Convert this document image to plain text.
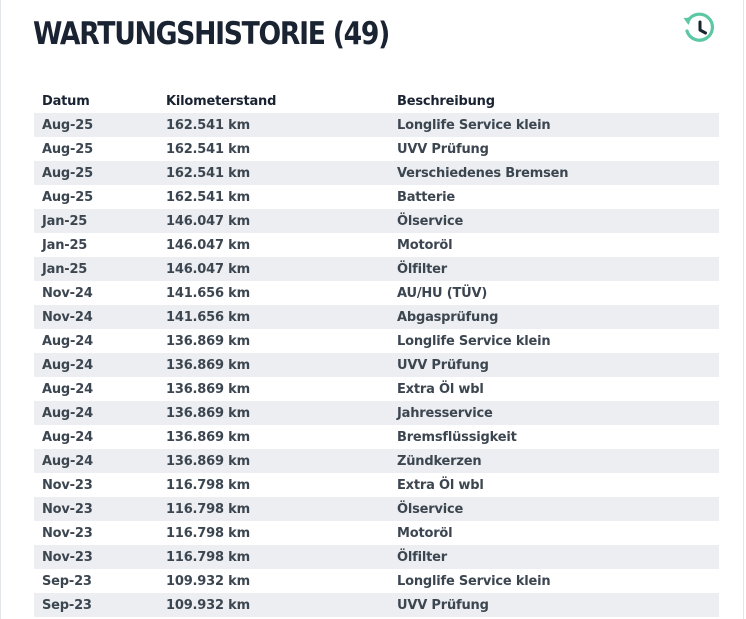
WARTUNGSHISTORIE (49)
Datum	Kilometerstand	Beschreibung
Aug-25	162.541 km	Longlife Service klein
Aug-25	162.541 km	UVV Prüfung
Aug-25	162.541 km	Verschiedenes Bremsen
Aug-25	162.541 km	Batterie
Jan-25	146.047 km	Ölservice
Jan-25	146.047 km	Motoröl
Jan-25	146.047 km	Ölfilter
Nov-24	141.656 km	AU/HU (TÜV)
Nov-24	141.656 km	Abgasprüfung
Aug-24	136.869 km	Longlife Service klein
Aug-24	136.869 km	UVV Prüfung
Aug-24	136.869 km	Extra Öl wbl
Aug-24	136.869 km	Jahresservice
Aug-24	136.869 km	Bremsflüssigkeit
Aug-24	136.869 km	Zündkerzen
Nov-23	116.798 km	Extra Öl wbl
Nov-23	116.798 km	Ölservice
Nov-23	116.798 km	Motoröl
Nov-23	116.798 km	Ölfilter
Sep-23	109.932 km	Longlife Service klein
Sep-23	109.932 km	UVV Prüfung
